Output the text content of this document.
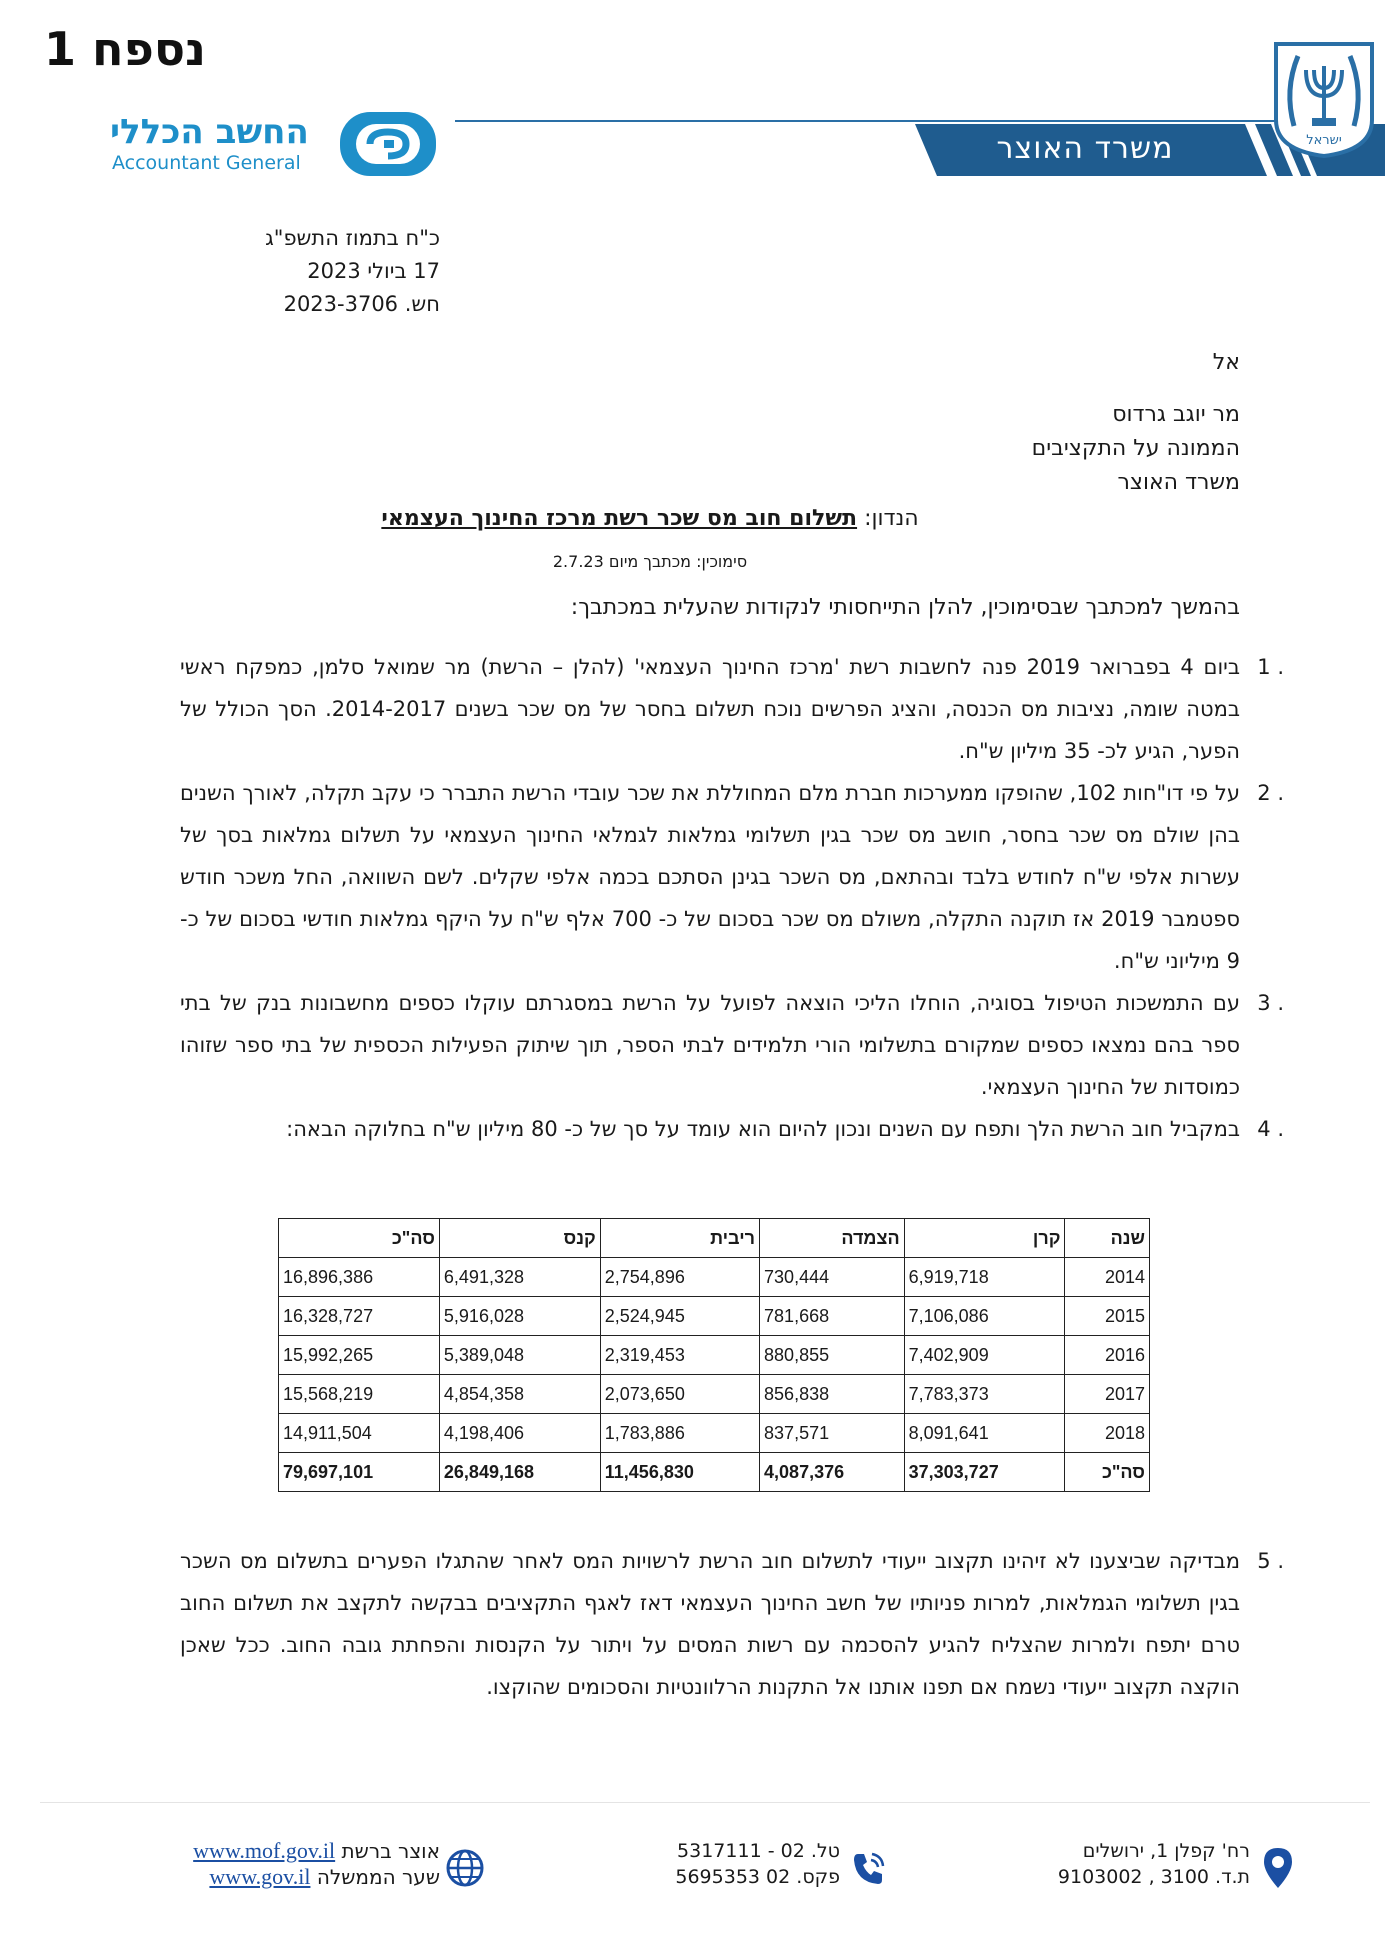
נספח 1
החשב הכללי
Accountant General	משרד האוצר	ישראל
כ"ח בתמוז התשפ"ג
17 ביולי 2023
חש. 2023-3706
אל
מר יוגב גרדוס
הממונה על התקציבים
משרד האוצר
הנדון: תשלום חוב מס שכר רשת מרכז החינוך העצמאי
סימוכין: מכתבך מיום 2.7.23
בהמשך למכתבך שבסימוכין, להלן התייחסותי לנקודות שהעלית במכתבך:
. 1
ביום 4 בפברואר 2019 פנה לחשבות רשת 'מרכז החינוך העצמאי' (להלן – הרשת) מר שמואל סלמן, כמפקח ראשי במטה שומה, נציבות מס הכנסה, והציג הפרשים נוכח תשלום בחסר של מס שכר בשנים 2014-2017. הסך הכולל של הפער, הגיע לכ- 35 מיליון ש"ח.
. 2
על פי דו"חות 102, שהופקו ממערכות חברת מלם המחוללת את שכר עובדי הרשת התברר כי עקב תקלה, לאורך השנים בהן שולם מס שכר בחסר, חושב מס שכר בגין תשלומי גמלאות לגמלאי החינוך העצמאי על תשלום גמלאות בסך של עשרות אלפי ש"ח לחודש בלבד ובהתאם, מס השכר בגינן הסתכם בכמה אלפי שקלים. לשם השוואה, החל משכר חודש ספטמבר 2019 אז תוקנה התקלה, משולם מס שכר בסכום של כ- 700 אלף ש"ח על היקף גמלאות חודשי בסכום של כ- 9 מיליוני ש"ח.
. 3
עם התמשכות הטיפול בסוגיה, הוחלו הליכי הוצאה לפועל על הרשת במסגרתם עוקלו כספים מחשבונות בנק של בתי ספר בהם נמצאו כספים שמקורם בתשלומי הורי תלמידים לבתי הספר, תוך שיתוק הפעילות הכספית של בתי ספר שזוהו כמוסדות של החינוך העצמאי.
. 4
במקביל חוב הרשת הלך ותפח עם השנים ונכון להיום הוא עומד על סך של כ- 80 מיליון ש"ח בחלוקה הבאה:
שנה	קרן	הצמדה	ריבית	קנס	סה"כ
2014	6,919,718	730,444	2,754,896	6,491,328	16,896,386
2015	7,106,086	781,668	2,524,945	5,916,028	16,328,727
2016	7,402,909	880,855	2,319,453	5,389,048	15,992,265
2017	7,783,373	856,838	2,073,650	4,854,358	15,568,219
2018	8,091,641	837,571	1,783,886	4,198,406	14,911,504
סה"כ	37,303,727	4,087,376	11,456,830	26,849,168	79,697,101
. 5
מבדיקה שביצענו לא זיהינו תקצוב ייעודי לתשלום חוב הרשת לרשויות המס לאחר שהתגלו הפערים בתשלום מס השכר בגין תשלומי הגמלאות, למרות פניותיו של חשב החינוך העצמאי דאז לאגף התקציבים בבקשה לתקצב את תשלום החוב טרם יתפח ולמרות שהצליח להגיע להסכמה עם רשות המסים על ויתור על הקנסות והפחתת גובה החוב. ככל שאכן הוקצה תקצוב ייעודי נשמח אם תפנו אותנו אל התקנות הרלוונטיות והסכומים שהוקצו.
אוצר ברשת www.mof.gov.il
שער הממשלה www.gov.il
טל. 02 - 5317111
פקס. 02 5695353
רח' קפלן 1, ירושלים
ת.ד. 3100 , 9103002
